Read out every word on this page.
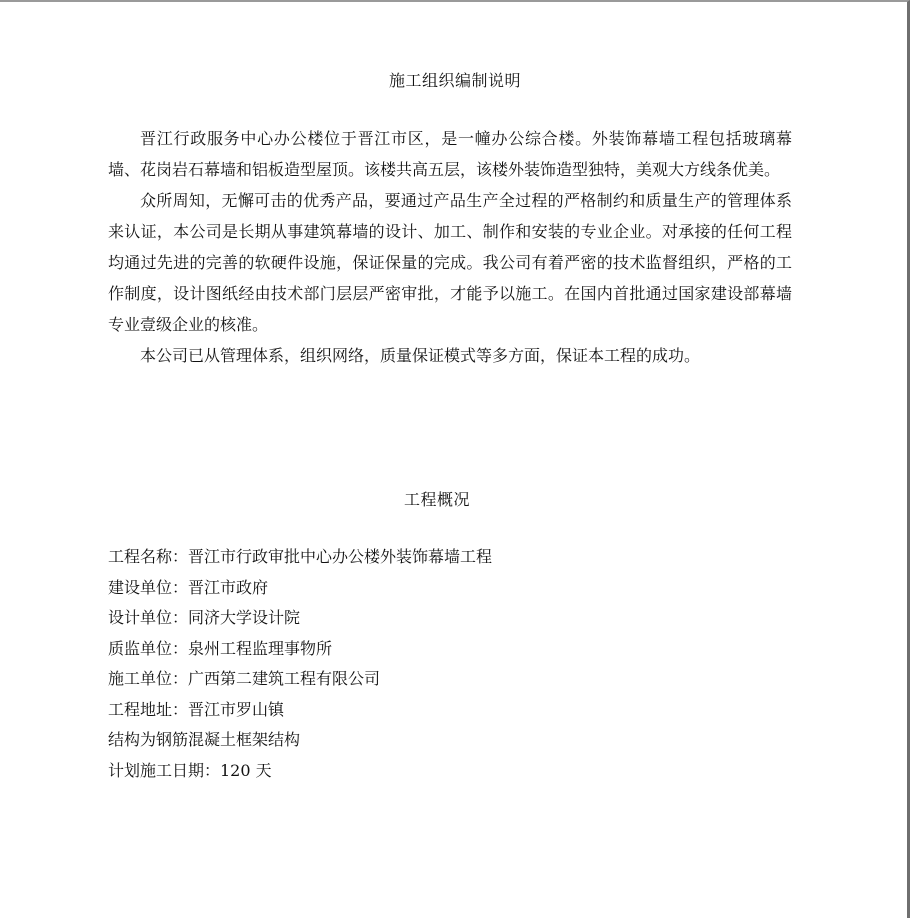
施工组织编制说明

晋江行政服务中心办公楼位于晋江市区，是一幢办公综合楼。外装饰幕墙工程包括玻璃幕墙、花岗岩石幕墙和铝板造型屋顶。该楼共高五层，该楼外装饰造型独特，美观大方线条优美。

众所周知，无懈可击的优秀产品，要通过产品生产全过程的严格制约和质量生产的管理体系来认证，本公司是长期从事建筑幕墙的设计、加工、制作和安装的专业企业。对承接的任何工程均通过先进的完善的软硬件设施，保证保量的完成。我公司有着严密的技术监督组织，严格的工作制度，设计图纸经由技术部门层层严密审批，才能予以施工。在国内首批通过国家建设部幕墙专业壹级企业的核准。

本公司已从管理体系，组织网络，质量保证模式等多方面，保证本工程的成功。

工程概况
工程名称：晋江市行政审批中心办公楼外装饰幕墙工程
建设单位：晋江市政府
设计单位：同济大学设计院
质监单位：泉州工程监理事物所
施工单位：广西第二建筑工程有限公司
工程地址：晋江市罗山镇
结构为钢筋混凝土框架结构
计划施工日期：120 天
